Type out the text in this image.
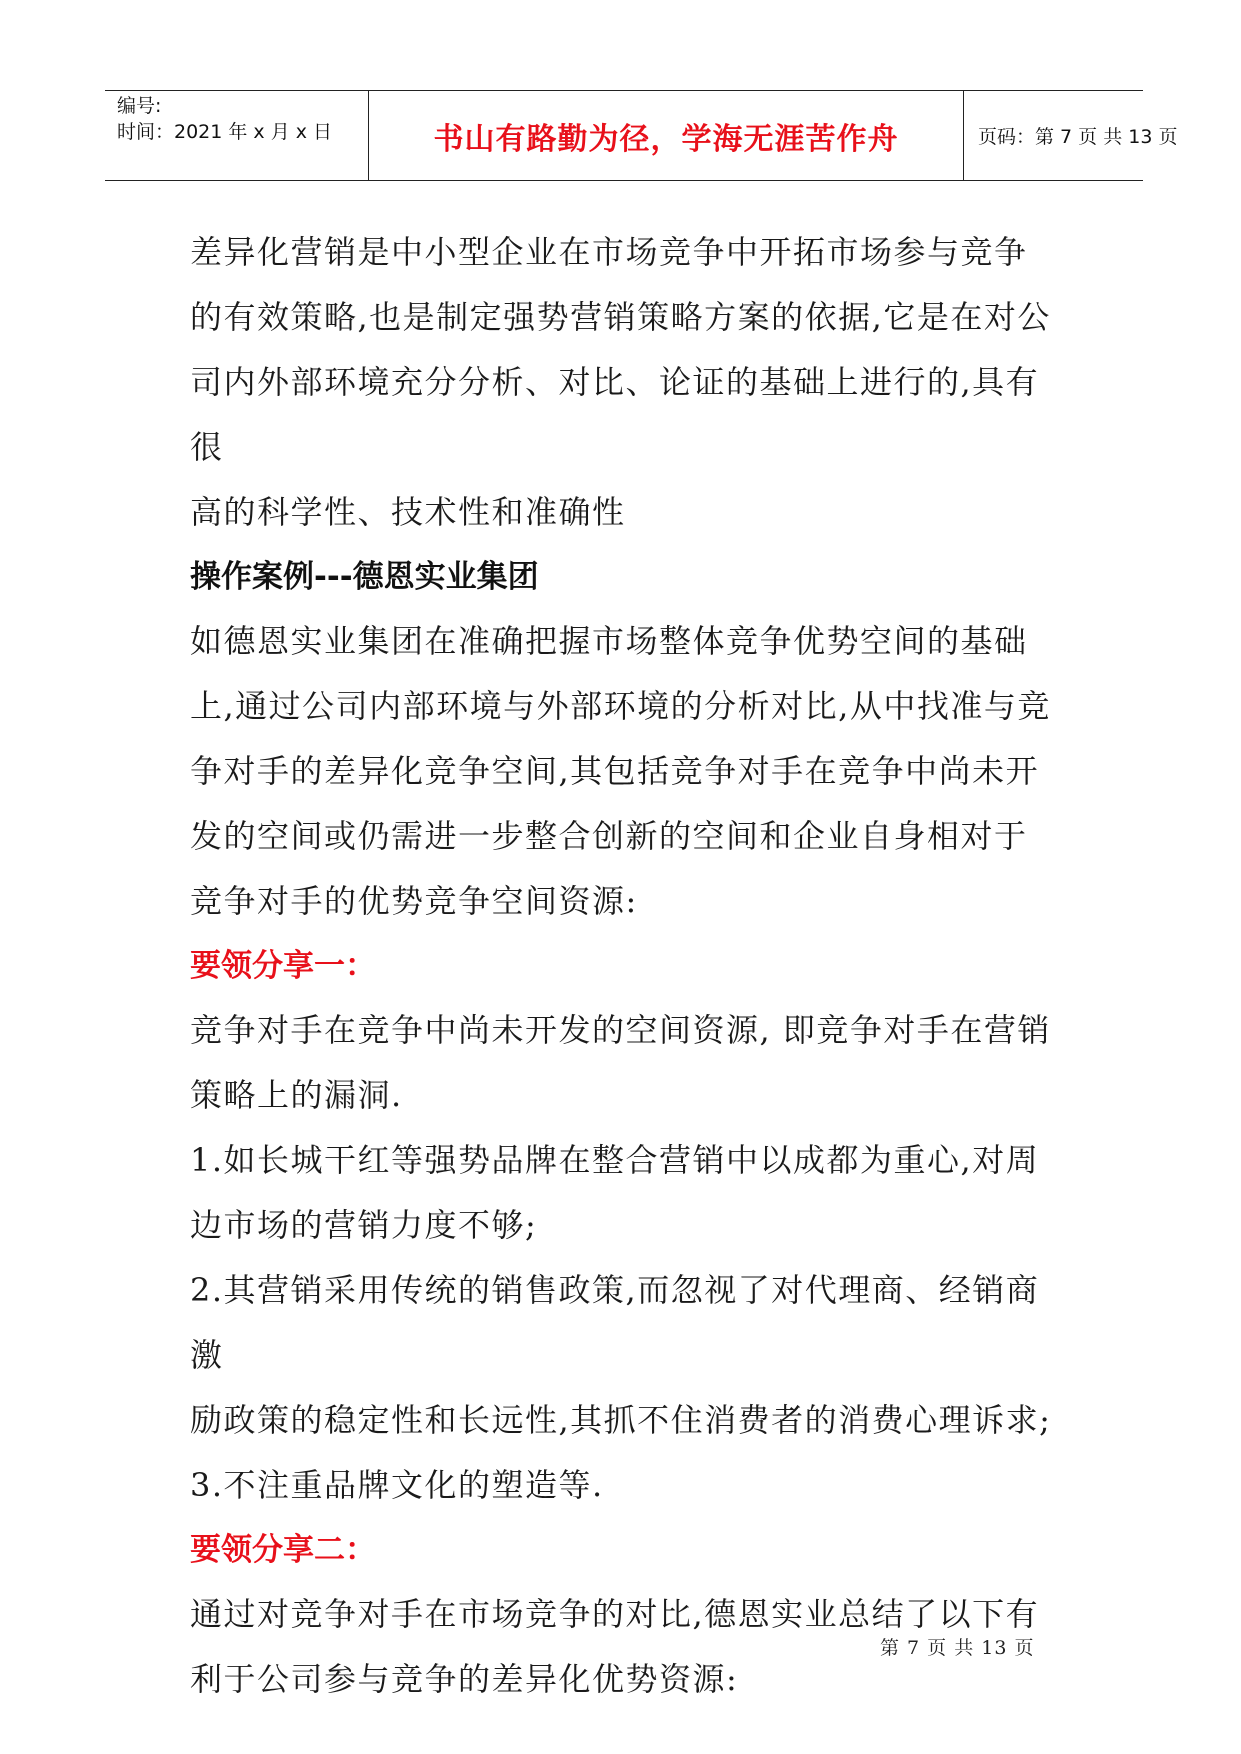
编号:
时间：2021 年 x 月 x 日	书山有路勤为径，学海无涯苦作舟	页码：第 7 页 共 13 页

差异化营销是中小型企业在市场竞争中开拓市场参与竞争
的有效策略,也是制定强势营销策略方案的依据,它是在对公
司内外部环境充分分析、对比、论证的基础上进行的,具有很
高的科学性、技术性和准确性

操作案例---德恩实业集团

如德恩实业集团在准确把握市场整体竞争优势空间的基础
上,通过公司内部环境与外部环境的分析对比,从中找准与竞
争对手的差异化竞争空间,其包括竞争对手在竞争中尚未开
发的空间或仍需进一步整合创新的空间和企业自身相对于
竞争对手的优势竞争空间资源:

要领分享一：

竞争对手在竞争中尚未开发的空间资源, 即竞争对手在营销
策略上的漏洞.

1.如长城干红等强势品牌在整合营销中以成都为重心,对周
边市场的营销力度不够;

2.其营销采用传统的销售政策,而忽视了对代理商、经销商激
励政策的稳定性和长远性,其抓不住消费者的消费心理诉求;

3.不注重品牌文化的塑造等.

要领分享二：

通过对竞争对手在市场竞争的对比,德恩实业总结了以下有
利于公司参与竞争的差异化优势资源:

第 7 页 共 13 页
